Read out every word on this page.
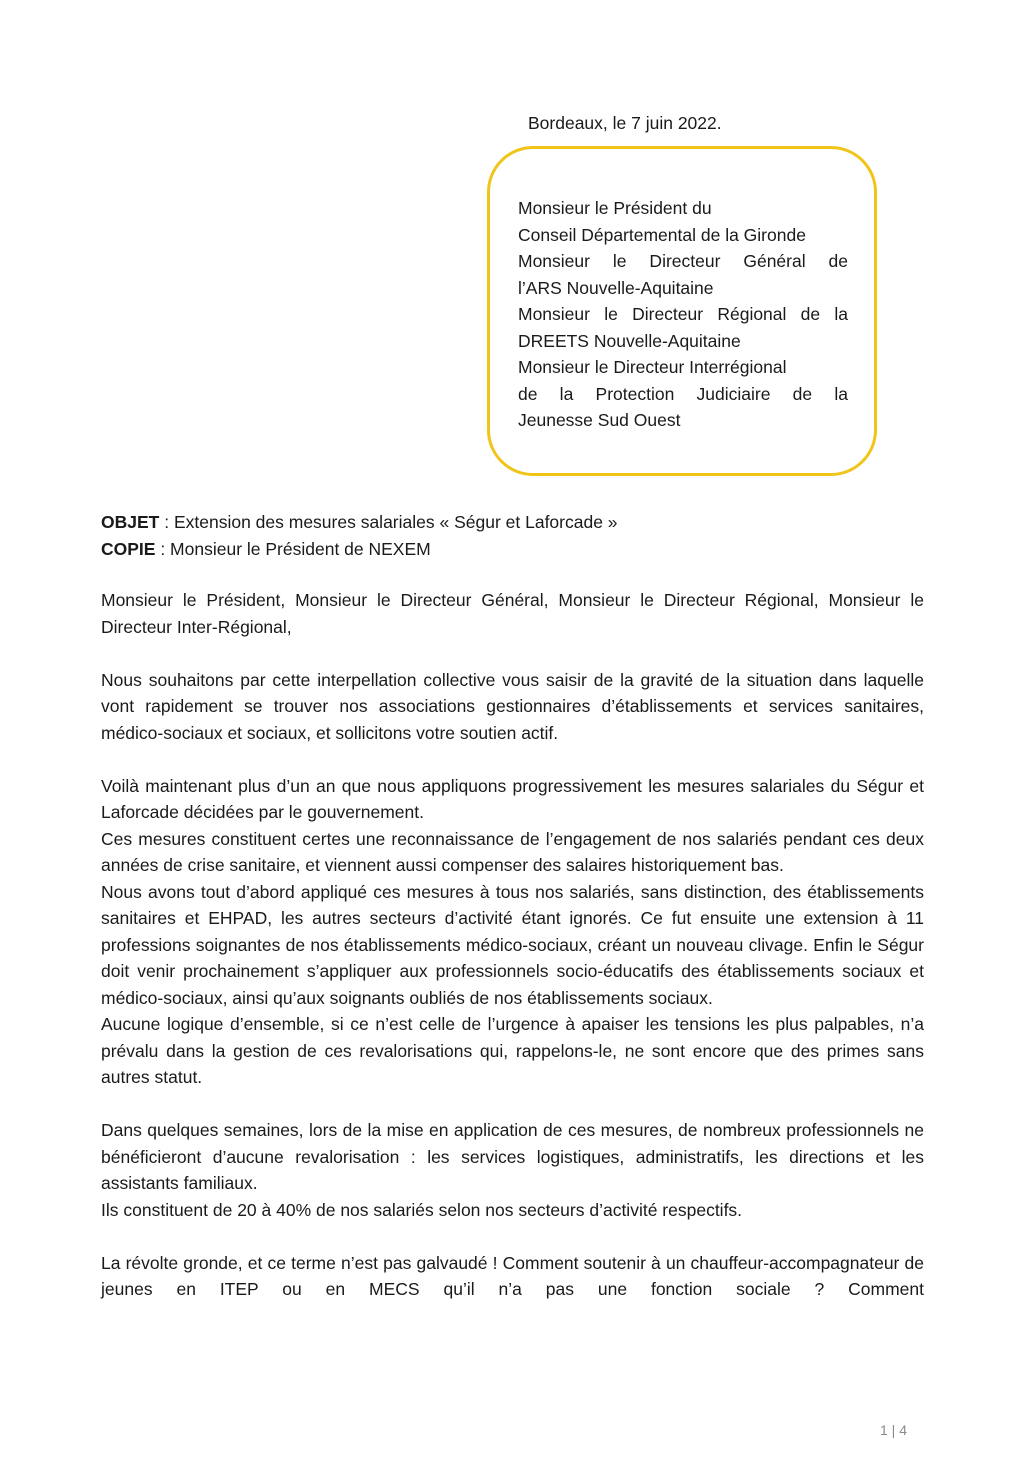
Bordeaux, le 7 juin 2022.
Monsieur le Président du
Conseil Départemental de la Gironde
Monsieur le Directeur Général de
l’ARS Nouvelle-Aquitaine
Monsieur le Directeur Régional de la
DREETS Nouvelle-Aquitaine
Monsieur le Directeur Interrégional
de la Protection Judiciaire de la
Jeunesse Sud Ouest
OBJET : Extension des mesures salariales « Ségur et Laforcade »
COPIE : Monsieur le Président de NEXEM

Monsieur le Président, Monsieur le Directeur Général, Monsieur le Directeur Régional, Monsieur le Directeur Inter-Régional,

Nous souhaitons par cette interpellation collective vous saisir de la gravité de la situation dans laquelle vont rapidement se trouver nos associations gestionnaires d’établissements et services sanitaires, médico-sociaux et sociaux, et sollicitons votre soutien actif.

Voilà maintenant plus d’un an que nous appliquons progressivement les mesures salariales du Ségur et Laforcade décidées par le gouvernement.

Ces mesures constituent certes une reconnaissance de l’engagement de nos salariés pendant ces deux années de crise sanitaire, et viennent aussi compenser des salaires historiquement bas.

Nous avons tout d’abord appliqué ces mesures à tous nos salariés, sans distinction, des établissements sanitaires et EHPAD, les autres secteurs d’activité étant ignorés. Ce fut ensuite une extension à 11 professions soignantes de nos établissements médico-sociaux, créant un nouveau clivage. Enfin le Ségur doit venir prochainement s’appliquer aux professionnels socio-éducatifs des établissements sociaux et médico-sociaux, ainsi qu’aux soignants oubliés de nos établissements sociaux.

Aucune logique d’ensemble, si ce n’est celle de l’urgence à apaiser les tensions les plus palpables, n’a prévalu dans la gestion de ces revalorisations qui, rappelons-le, ne sont encore que des primes sans autres statut.

Dans quelques semaines, lors de la mise en application de ces mesures, de nombreux professionnels ne bénéficieront d’aucune revalorisation : les services logistiques, administratifs, les directions et les assistants familiaux.

Ils constituent de 20 à 40% de nos salariés selon nos secteurs d’activité respectifs.

La révolte gronde, et ce terme n’est pas galvaudé ! Comment soutenir à un chauffeur-accompagnateur de jeunes en ITEP ou en MECS qu’il n’a pas une fonction sociale ? Comment

1 | 4
